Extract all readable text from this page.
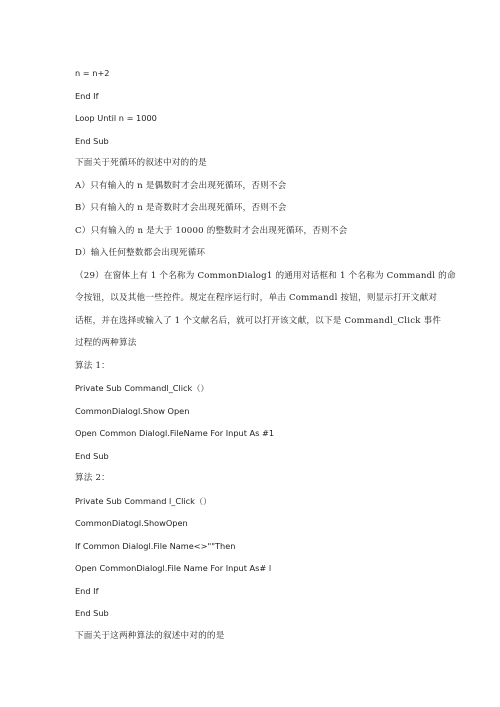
n = n+2
End If
Loop Until n = 1000
End Sub
下面关于死循环的叙述中对的的是
A）只有输入的 n 是偶数时才会出现死循环，否则不会
B）只有输入的 n 是奇数时才会出现死循环，否则不会
C）只有输入的 n 是大于 10000 的整数时才会出现死循环，否则不会
D）输入任何整数都会出现死循环
（29）在窗体上有 1 个名称为 CommonDialog1 的通用对话框和 1 个名称为 Commandl 的命
令按钮，以及其他一些控件。规定在程序运行时，单击 Commandl 按钮，则显示打开文献对
话框，并在选择或输入了 1 个文献名后，就可以打开该文献，以下是 Commandl_Click 事件
过程的两种算法
算法 1：
Private Sub Commandl_Click（）
CommonDialogl.Show Open
Open Common Dialogl.FileName For Input As #1
End Sub
算法 2：
Private Sub Command l_Click（）
CommonDiatogl.ShowOpen
If Common Dialogl.File Name<>""Then
Open CommonDialogl.File Name For Input As# l
End If
End Sub
下面关于这两种算法的叙述中对的的是
